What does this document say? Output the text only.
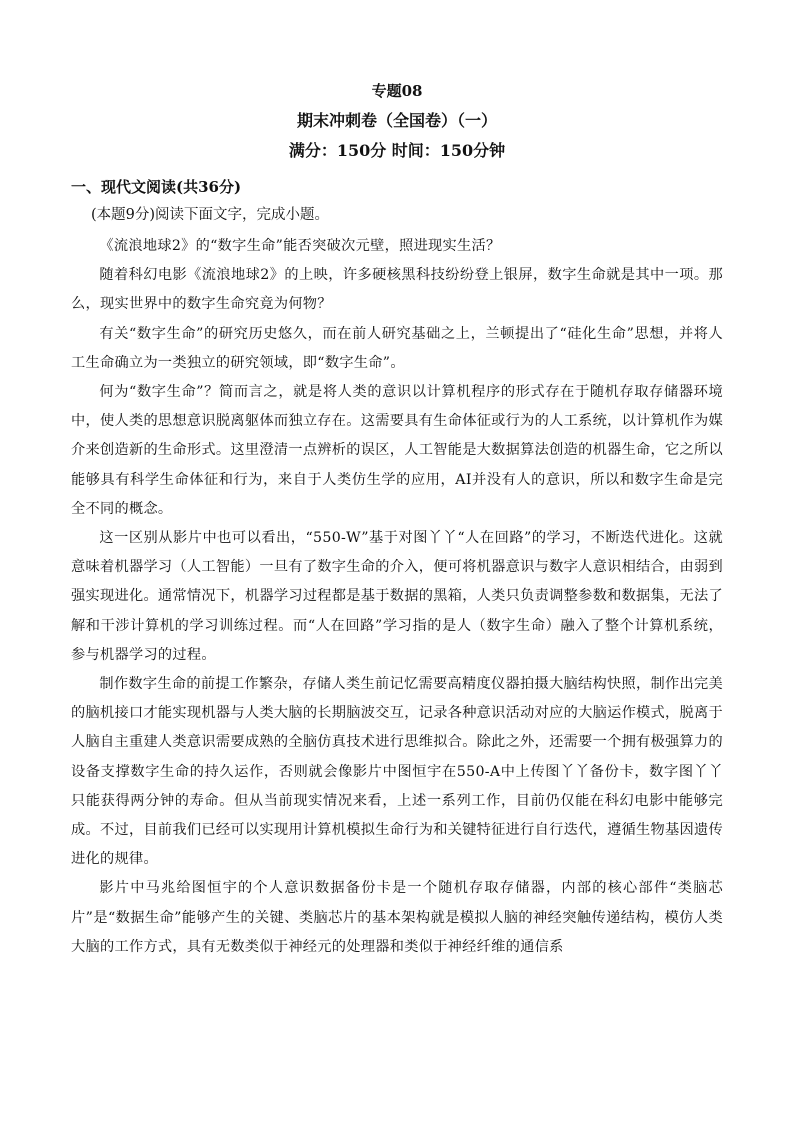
专题08
期末冲刺卷（全国卷）（一）
满分：150分 时间：150分钟
一、现代文阅读(共36分)
(本题9分)阅读下面文字，完成小题。

《流浪地球2》的“数字生命”能否突破次元壁，照进现实生活？

随着科幻电影《流浪地球2》的上映，许多硬核黑科技纷纷登上银屏，数字生命就是其中一项。那么，现实世界中的数字生命究竟为何物？

有关“数字生命”的研究历史悠久，而在前人研究基础之上，兰顿提出了“硅化生命”思想，并将人工生命确立为一类独立的研究领域，即“数字生命”。

何为“数字生命”？简而言之，就是将人类的意识以计算机程序的形式存在于随机存取存储器环境中，使人类的思想意识脱离躯体而独立存在。这需要具有生命体征或行为的人工系统，以计算机作为媒介来创造新的生命形式。这里澄清一点辨析的误区，人工智能是大数据算法创造的机器生命，它之所以能够具有科学生命体征和行为，来自于人类仿生学的应用，AI并没有人的意识，所以和数字生命是完全不同的概念。

这一区别从影片中也可以看出，“550-W”基于对图丫丫“人在回路”的学习，不断迭代进化。这就意味着机器学习（人工智能）一旦有了数字生命的介入，便可将机器意识与数字人意识相结合，由弱到强实现进化。通常情况下，机器学习过程都是基于数据的黑箱，人类只负责调整参数和数据集，无法了解和干涉计算机的学习训练过程。而“人在回路”学习指的是人（数字生命）融入了整个计算机系统，参与机器学习的过程。

制作数字生命的前提工作繁杂，存储人类生前记忆需要高精度仪器拍摄大脑结构快照，制作出完美的脑机接口才能实现机器与人类大脑的长期脑波交互，记录各种意识活动对应的大脑运作模式，脱离于人脑自主重建人类意识需要成熟的全脑仿真技术进行思维拟合。除此之外，还需要一个拥有极强算力的设备支撑数字生命的持久运作，否则就会像影片中图恒宇在550-A中上传图丫丫备份卡，数字图丫丫只能获得两分钟的寿命。但从当前现实情况来看，上述一系列工作，目前仍仅能在科幻电影中能够完成。不过，目前我们已经可以实现用计算机模拟生命行为和关键特征进行自行迭代，遵循生物基因遗传进化的规律。

影片中马兆给图恒宇的个人意识数据备份卡是一个随机存取存储器，内部的核心部件“类脑芯片”是“数据生命”能够产生的关键、类脑芯片的基本架构就是模拟人脑的神经突触传递结构，模仿人类大脑的工作方式，具有无数类似于神经元的处理器和类似于神经纤维的通信系
